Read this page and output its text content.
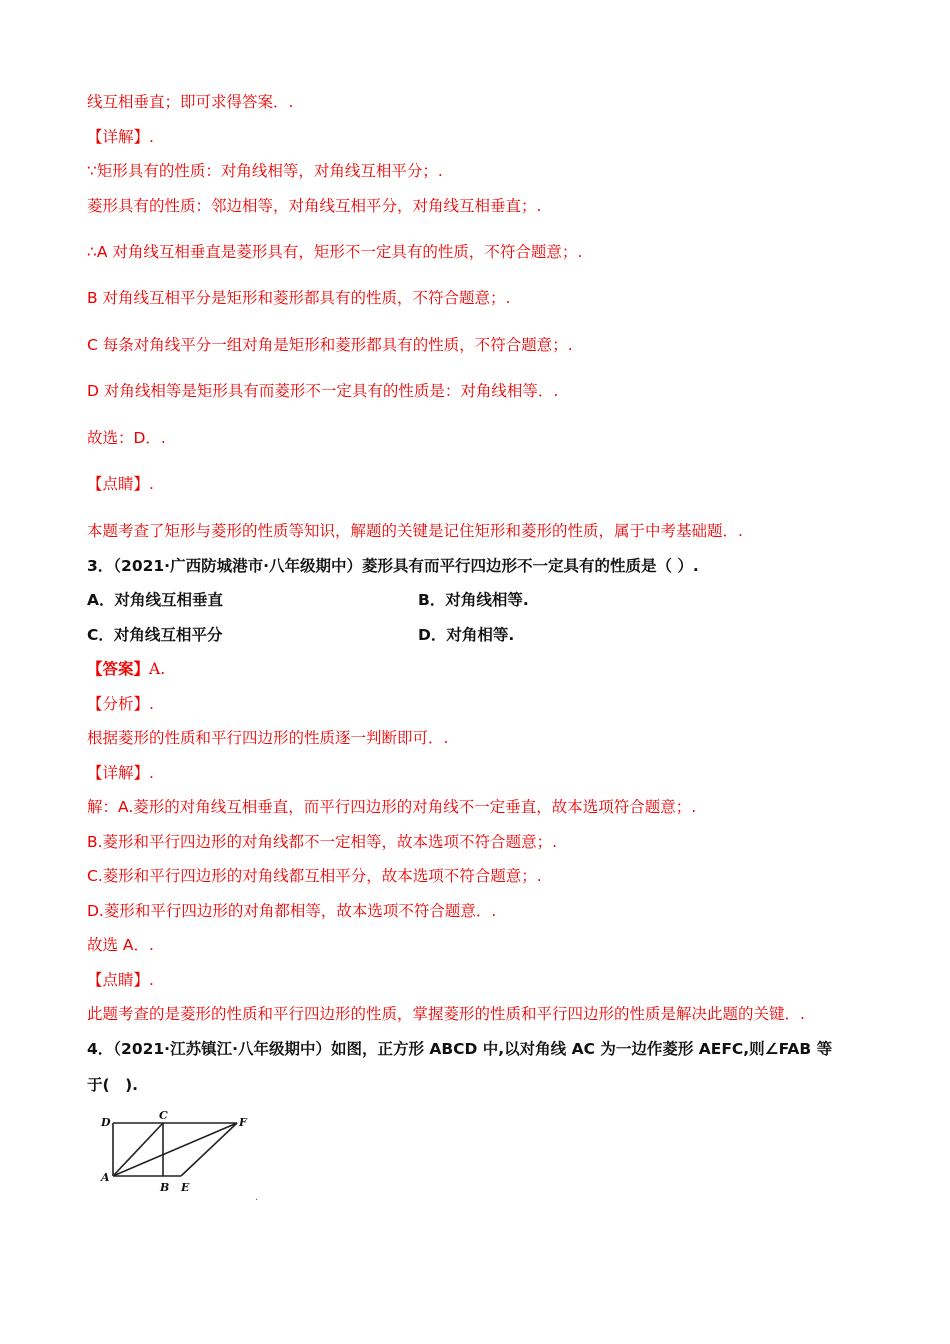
线互相垂直；即可求得答案．.
【详解】.
∵矩形具有的性质：对角线相等，对角线互相平分；.
菱形具有的性质：邻边相等，对角线互相平分，对角线互相垂直；.
∴A 对角线互相垂直是菱形具有，矩形不一定具有的性质，不符合题意；.
B 对角线互相平分是矩形和菱形都具有的性质，不符合题意；.
C 每条对角线平分一组对角是矩形和菱形都具有的性质，不符合题意；.
D 对角线相等是矩形具有而菱形不一定具有的性质是：对角线相等．.
故选：D．.
【点睛】.
本题考查了矩形与菱形的性质等知识，解题的关键是记住矩形和菱形的性质，属于中考基础题．.
3．（2021·广西防城港市·八年级期中）菱形具有而平行四边形不一定具有的性质是（ ）.
A．对角线互相垂直	B．对角线相等.
C．对角线互相平分	D．对角相等.
【答案】A.
【分析】.
根据菱形的性质和平行四边形的性质逐一判断即可．.
【详解】.
解：A.菱形的对角线互相垂直，而平行四边形的对角线不一定垂直，故本选项符合题意；.
B.菱形和平行四边形的对角线都不一定相等，故本选项不符合题意；.
C.菱形和平行四边形的对角线都互相平分，故本选项不符合题意；.
D.菱形和平行四边形的对角都相等，故本选项不符合题意．.
故选 A．.
【点睛】.
此题考查的是菱形的性质和平行四边形的性质，掌握菱形的性质和平行四边形的性质是解决此题的关键．.
4．（2021·江苏镇江·八年级期中）如图，正方形 ABCD 中,以对角线 AC 为一边作菱形 AEFC,则∠FAB 等
于(　).
D
C
F
A
B E
.
